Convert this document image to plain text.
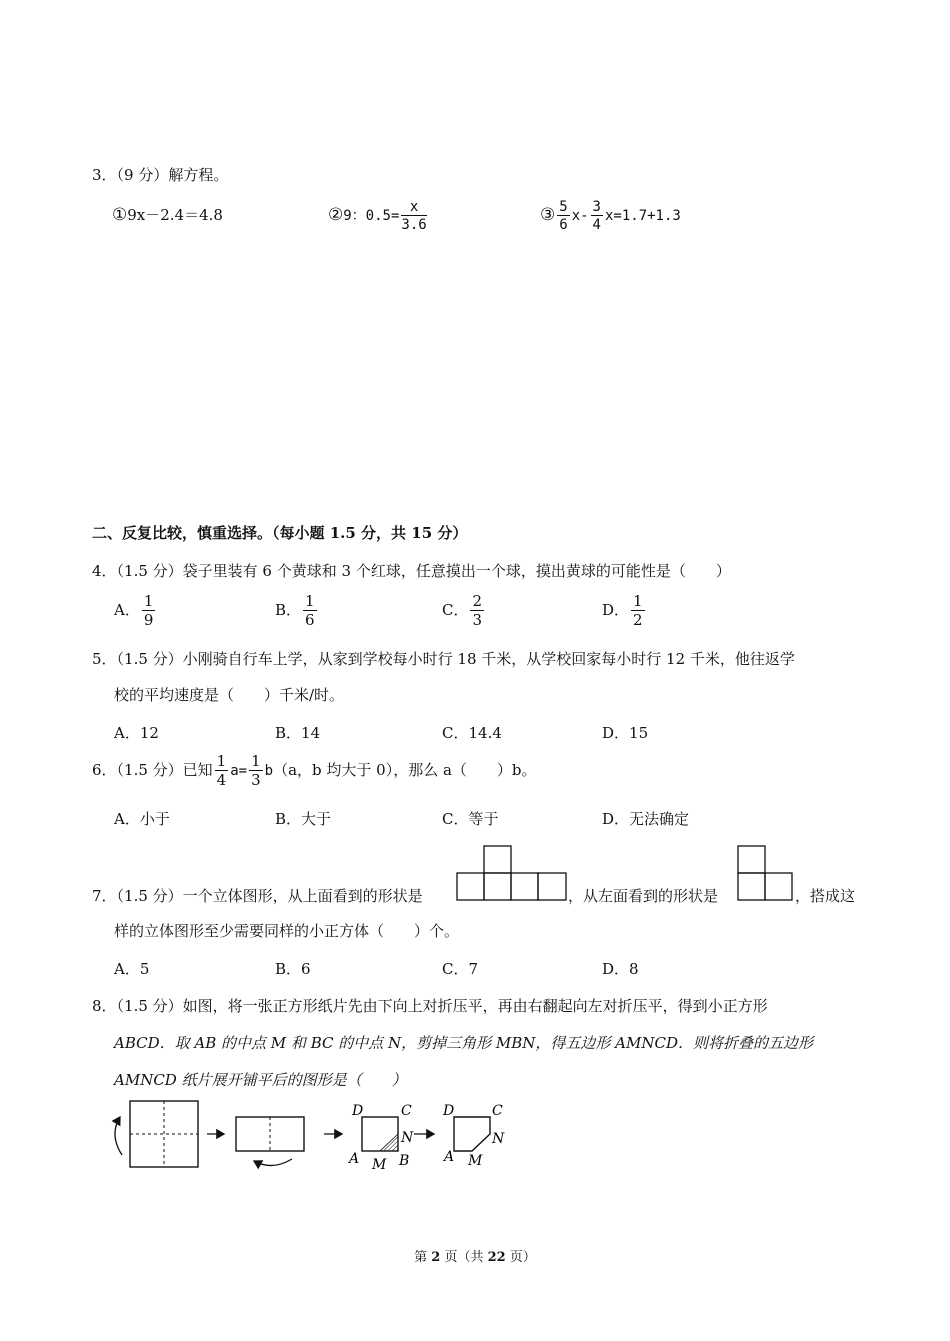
3．（9 分）解方程。
①9x－2.4＝4.8	②9：$0.5= \frac{x}{3.6}$	③ $\frac{5}{6} x- \frac{3}{4} x=1.7+1.3$
二、反复比较，慎重选择。（每小题 1.5 分，共 15 分）
4．（1.5 分）袋子里装有 6 个黄球和 3 个红球，任意摸出一个球，摸出黄球的可能性是（　　）
A． $\frac{1}{9}$	B． $\frac{1}{6}$	C． $\frac{2}{3}$	D． $\frac{1}{2}$
5．（1.5 分）小刚骑自行车上学，从家到学校每小时行 18 千米，从学校回家每小时行 12 千米，他往返学
校的平均速度是（　　）千米/时。
A．12	B．14	C．14.4	D．15
6．（1.5 分）已知 $\frac{1}{4} a= \frac{1}{3} b(a$，b 均大于 0），那么 a（　　）b。
A．小于	B．大于	C．等于	D．无法确定
7．（1.5 分）一个立体图形，从上面看到的形状是	，从左面看到的形状是	，搭成这
样的立体图形至少需要同样的小正方体（　　）个。
A．5	B．6	C．7	D．8
8．（1.5 分）如图，将一张正方形纸片先由下向上对折压平，再由右翻起向左对折压平，得到小正方形
ABCD．取 AB 的中点 M 和 BC 的中点 N，剪掉三角形 MBN，得五边形 AMNCD．则将折叠的五边形
AMNCD 纸片展开铺平后的图形是（　　）
D	C
N
A M B
D	C
N
A M
第 2 页（共 22 页）
